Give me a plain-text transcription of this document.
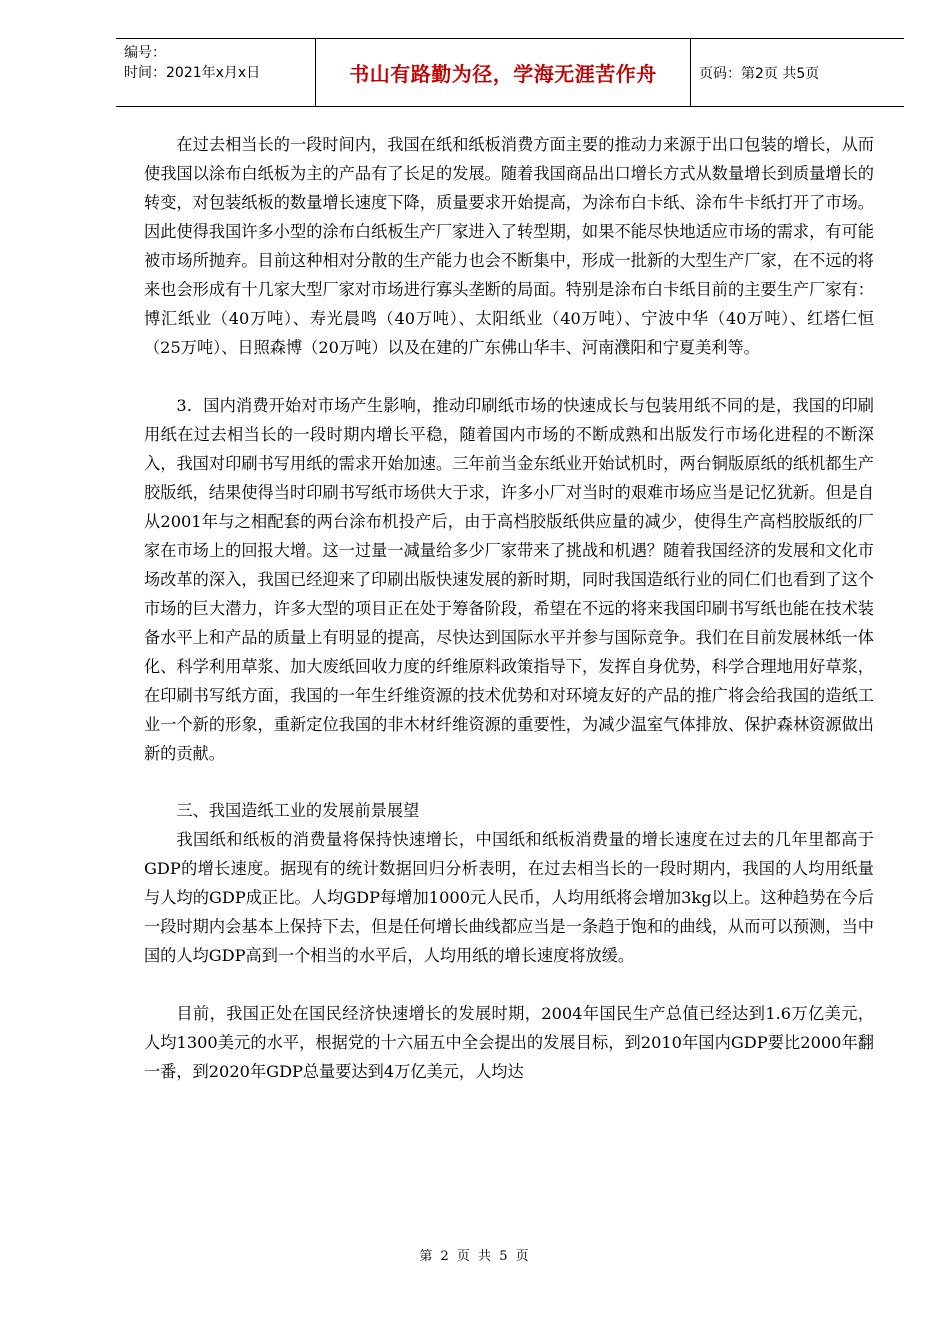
编号：
时间：2021年x月x日	书山有路勤为径，学海无涯苦作舟	页码：第2页 共5页

在过去相当长的一段时间内，我国在纸和纸板消费方面主要的推动力来源于出口包装的增长，从而使我国以涂布白纸板为主的产品有了长足的发展。随着我国商品出口增长方式从数量增长到质量增长的转变，对包装纸板的数量增长速度下降，质量要求开始提高，为涂布白卡纸、涂布牛卡纸打开了市场。因此使得我国许多小型的涂布白纸板生产厂家进入了转型期，如果不能尽快地适应市场的需求，有可能被市场所抛弃。目前这种相对分散的生产能力也会不断集中，形成一批新的大型生产厂家，在不远的将来也会形成有十几家大型厂家对市场进行寡头垄断的局面。特别是涂布白卡纸目前的主要生产厂家有：博汇纸业（40万吨）、寿光晨鸣（40万吨）、太阳纸业（40万吨）、宁波中华（40万吨）、红塔仁恒（25万吨）、日照森博（20万吨）以及在建的广东佛山华丰、河南濮阳和宁夏美利等。

3．国内消费开始对市场产生影响，推动印刷纸市场的快速成长与包装用纸不同的是，我国的印刷用纸在过去相当长的一段时期内增长平稳，随着国内市场的不断成熟和出版发行市场化进程的不断深入，我国对印刷书写用纸的需求开始加速。三年前当金东纸业开始试机时，两台铜版原纸的纸机都生产胶版纸，结果使得当时印刷书写纸市场供大于求，许多小厂对当时的艰难市场应当是记忆犹新。但是自从2001年与之相配套的两台涂布机投产后，由于高档胶版纸供应量的减少，使得生产高档胶版纸的厂家在市场上的回报大增。这一过量一减量给多少厂家带来了挑战和机遇？随着我国经济的发展和文化市场改革的深入，我国已经迎来了印刷出版快速发展的新时期，同时我国造纸行业的同仁们也看到了这个市场的巨大潜力，许多大型的项目正在处于筹备阶段，希望在不远的将来我国印刷书写纸也能在技术装备水平上和产品的质量上有明显的提高，尽快达到国际水平并参与国际竞争。我们在目前发展林纸一体化、科学利用草浆、加大废纸回收力度的纤维原料政策指导下，发挥自身优势，科学合理地用好草浆，在印刷书写纸方面，我国的一年生纤维资源的技术优势和对环境友好的产品的推广将会给我国的造纸工业一个新的形象，重新定位我国的非木材纤维资源的重要性，为减少温室气体排放、保护森林资源做出新的贡献。

三、我国造纸工业的发展前景展望

我国纸和纸板的消费量将保持快速增长，中国纸和纸板消费量的增长速度在过去的几年里都高于GDP的增长速度。据现有的统计数据回归分析表明，在过去相当长的一段时期内，我国的人均用纸量与人均的GDP成正比。人均GDP每增加1000元人民币，人均用纸将会增加3kg以上。这种趋势在今后一段时期内会基本上保持下去，但是任何增长曲线都应当是一条趋于饱和的曲线，从而可以预测，当中国的人均GDP高到一个相当的水平后，人均用纸的增长速度将放缓。

目前，我国正处在国民经济快速增长的发展时期，2004年国民生产总值已经达到1.6万亿美元，人均1300美元的水平，根据党的十六届五中全会提出的发展目标，到2010年国内GDP要比2000年翻一番，到2020年GDP总量要达到4万亿美元，人均达

第 2 页 共 5 页
